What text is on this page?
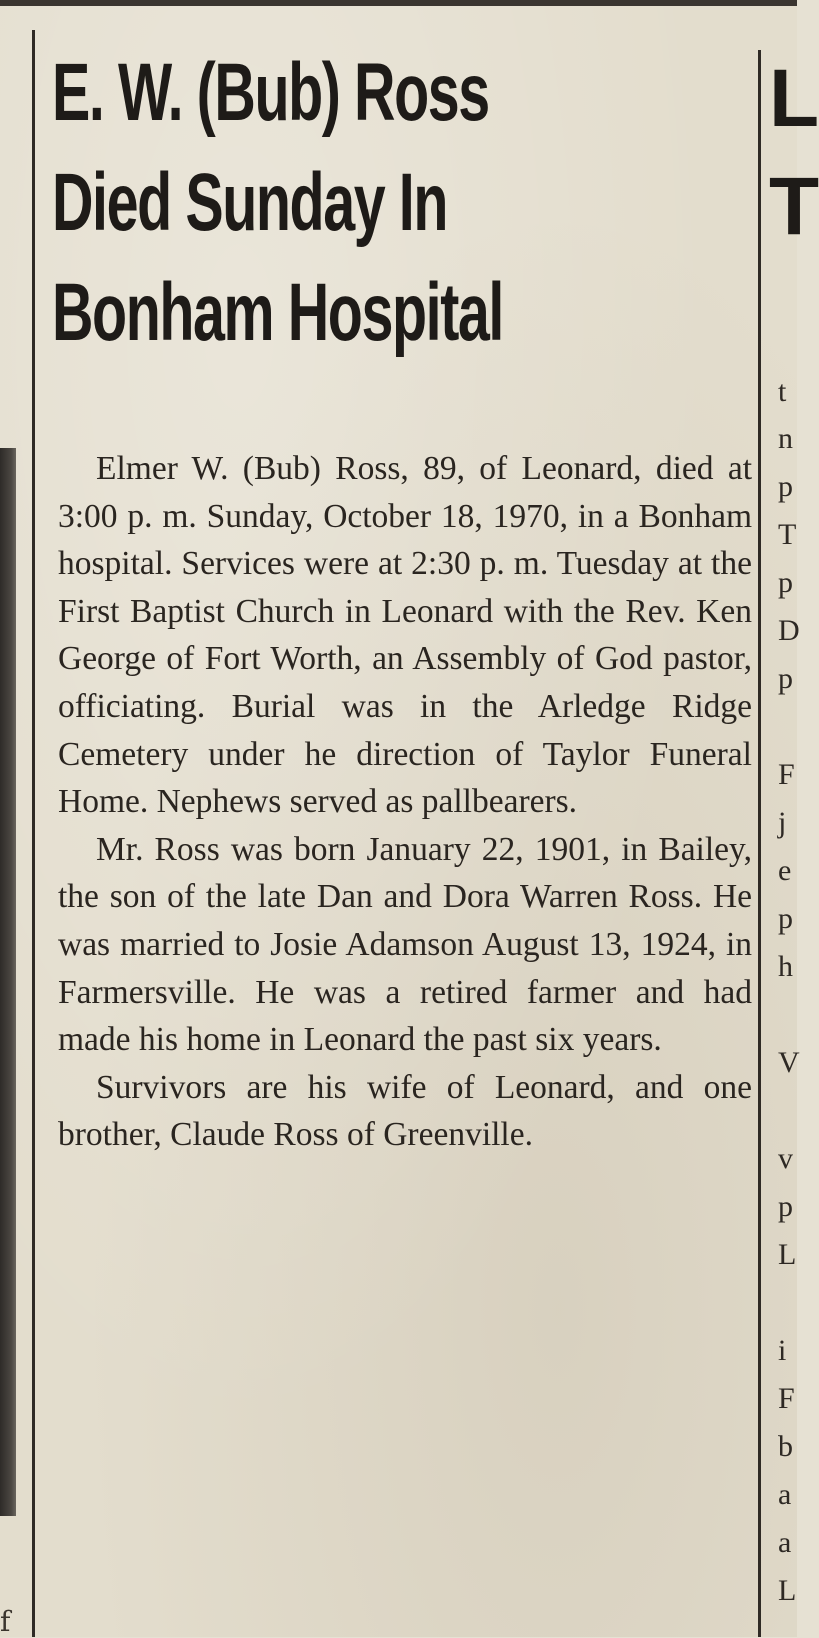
f
E. W. (Bub) Ross
Died Sunday In
Bonham Hospital

Elmer W. (Bub) Ross, 89, of Leonard, died at 3:00 p. m. Sunday, October 18, 1970, in a Bonham hospital. Services were at 2:30 p. m. Tuesday at the First Baptist Church in Leonard with the Rev. Ken George of Fort Worth, an Assembly of God pastor, officiating. Burial was in the Arledge Ridge Cemetery under he direction of Taylor Funeral Home. Nephews served as pallbearers.

Mr. Ross was born January 22, 1901, in Bailey, the son of the late Dan and Dora Warren Ross. He was married to Josie Adamson August 13, 1924, in Farmersville. He was a retired farmer and had made his home in Leonard the past six years.

Survivors are his wife of Leonard, and one brother, Claude Ross of Greenville.

L
T
t
n
p
T
p
D
p
F
j
e
p
h
V
v
p
L
i
F
b
a
a
L
